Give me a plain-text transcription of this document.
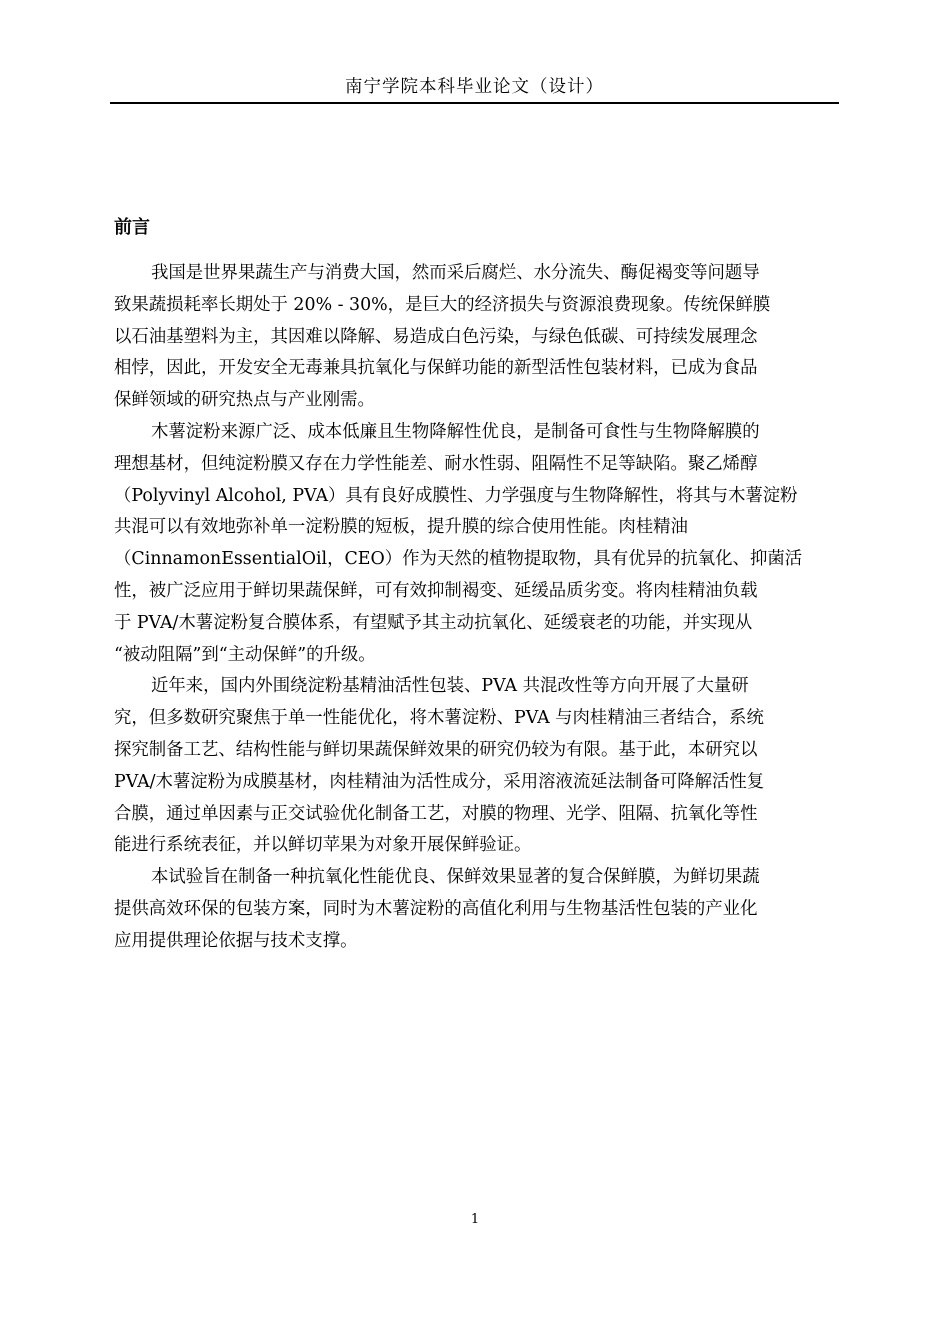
南宁学院本科毕业论文（设计）
前言

我国是世界果蔬生产与消费大国，然而采后腐烂、水分流失、酶促褐变等问题导
致果蔬损耗率长期处于 20% - 30%，是巨大的经济损失与资源浪费现象。传统保鲜膜
以石油基塑料为主，其因难以降解、易造成白色污染，与绿色低碳、可持续发展理念
相悖，因此，开发安全无毒兼具抗氧化与保鲜功能的新型活性包装材料，已成为食品
保鲜领域的研究热点与产业刚需。

木薯淀粉来源广泛、成本低廉且生物降解性优良，是制备可食性与生物降解膜的
理想基材，但纯淀粉膜又存在力学性能差、耐水性弱、阻隔性不足等缺陷。聚乙烯醇
（Polyvinyl Alcohol, PVA）具有良好成膜性、力学强度与生物降解性，将其与木薯淀粉
共混可以有效地弥补单一淀粉膜的短板，提升膜的综合使用性能。肉桂精油
（CinnamonEssentialOil，CEO）作为天然的植物提取物，具有优异的抗氧化、抑菌活
性，被广泛应用于鲜切果蔬保鲜，可有效抑制褐变、延缓品质劣变。将肉桂精油负载
于 PVA/木薯淀粉复合膜体系，有望赋予其主动抗氧化、延缓衰老的功能，并实现从
“被动阻隔”到“主动保鲜”的升级。

近年来，国内外围绕淀粉基精油活性包装、PVA 共混改性等方向开展了大量研
究，但多数研究聚焦于单一性能优化，将木薯淀粉、PVA 与肉桂精油三者结合，系统
探究制备工艺、结构性能与鲜切果蔬保鲜效果的研究仍较为有限。基于此，本研究以
PVA/木薯淀粉为成膜基材，肉桂精油为活性成分，采用溶液流延法制备可降解活性复
合膜，通过单因素与正交试验优化制备工艺，对膜的物理、光学、阻隔、抗氧化等性
能进行系统表征，并以鲜切苹果为对象开展保鲜验证。

本试验旨在制备一种抗氧化性能优良、保鲜效果显著的复合保鲜膜，为鲜切果蔬
提供高效环保的包装方案，同时为木薯淀粉的高值化利用与生物基活性包装的产业化
应用提供理论依据与技术支撑。

1
